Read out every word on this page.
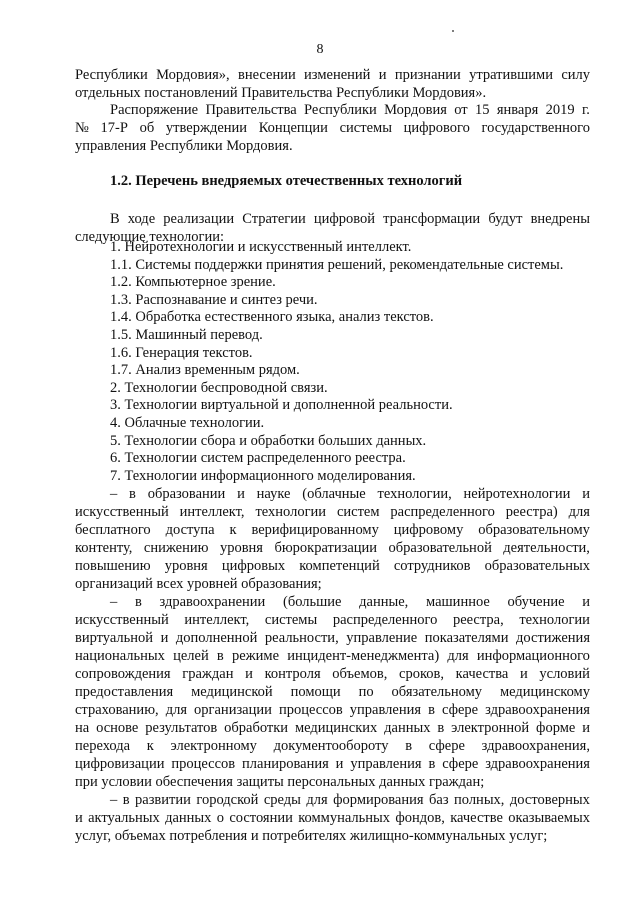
8
Республики Мордовия», внесении изменений и признании утратившими силу
отдельных постановлений Правительства Республики Мордовия».
Распоряжение Правительства Республики Мордовия от 15 января 2019 г.
№ 17-Р об утверждении Концепции системы цифрового государственного
управления Республики Мордовия.
1.2. Перечень внедряемых отечественных технологий
В ходе реализации Стратегии цифровой трансформации будут внедрены
следующие технологии:
1. Нейротехнологии и искусственный интеллект.
1.1. Системы поддержки принятия решений, рекомендательные системы.
1.2. Компьютерное зрение.
1.3. Распознавание и синтез речи.
1.4. Обработка естественного языка, анализ текстов.
1.5. Машинный перевод.
1.6. Генерация текстов.
1.7. Анализ временным рядом.
2. Технологии беспроводной связи.
3. Технологии виртуальной и дополненной реальности.
4. Облачные технологии.
5. Технологии сбора и обработки больших данных.
6. Технологии систем распределенного реестра.
7. Технологии информационного моделирования.
– в образовании и науке (облачные технологии, нейротехнологии и
искусственный интеллект, технологии систем распределенного реестра) для
бесплатного доступа к верифицированному цифровому образовательному
контенту, снижению уровня бюрократизации образовательной деятельности,
повышению уровня цифровых компетенций сотрудников образовательных
организаций всех уровней образования;
– в здравоохранении (большие данные, машинное обучение и
искусственный интеллект, системы распределенного реестра, технологии
виртуальной и дополненной реальности, управление показателями достижения
национальных целей в режиме инцидент-менеджмента) для информационного
сопровождения граждан и контроля объемов, сроков, качества и условий
предоставления медицинской помощи по обязательному медицинскому
страхованию, для организации процессов управления в сфере здравоохранения
на основе результатов обработки медицинских данных в электронной форме и
перехода к электронному документообороту в сфере здравоохранения,
цифровизации процессов планирования и управления в сфере здравоохранения
при условии обеспечения защиты персональных данных граждан;
– в развитии городской среды для формирования баз полных, достоверных
и актуальных данных о состоянии коммунальных фондов, качестве оказываемых
услуг, объемах потребления и потребителях жилищно-коммунальных услуг;
